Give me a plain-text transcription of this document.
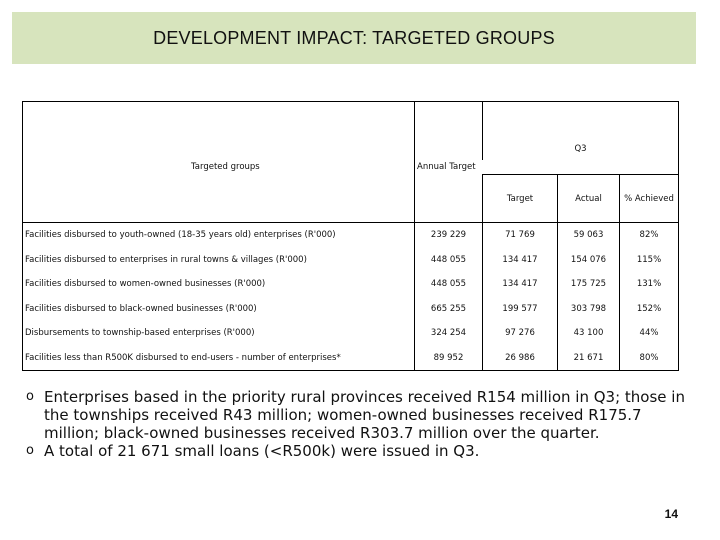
DEVELOPMENT IMPACT: TARGETED GROUPS
		Q3		
Targeted groups	Annual Target			
		Target	Actual	% Achieved
Facilities disbursed to youth-owned (18-35 years old) enterprises (R'000)	239 229	71 769	59 063	82%
Facilities disbursed to enterprises in rural towns & villages (R'000)	448 055	134 417	154 076	115%
Facilities disbursed to women-owned businesses (R'000)	448 055	134 417	175 725	131%
Facilities disbursed to black-owned businesses (R'000)	665 255	199 577	303 798	152%
Disbursements to township-based enterprises (R'000)	324 254	97 276	43 100	44%
Facilities less than R500K disbursed to end-users - number of enterprises*	89 952	26 986	21 671	80%
o Enterprises based in the priority rural provinces received R154 million in Q3; those in the townships received R43 million; women-owned businesses received R175.7 million; black-owned businesses received R303.7 million over the quarter.
o A total of 21 671 small loans (<R500k) were issued in Q3.
14
